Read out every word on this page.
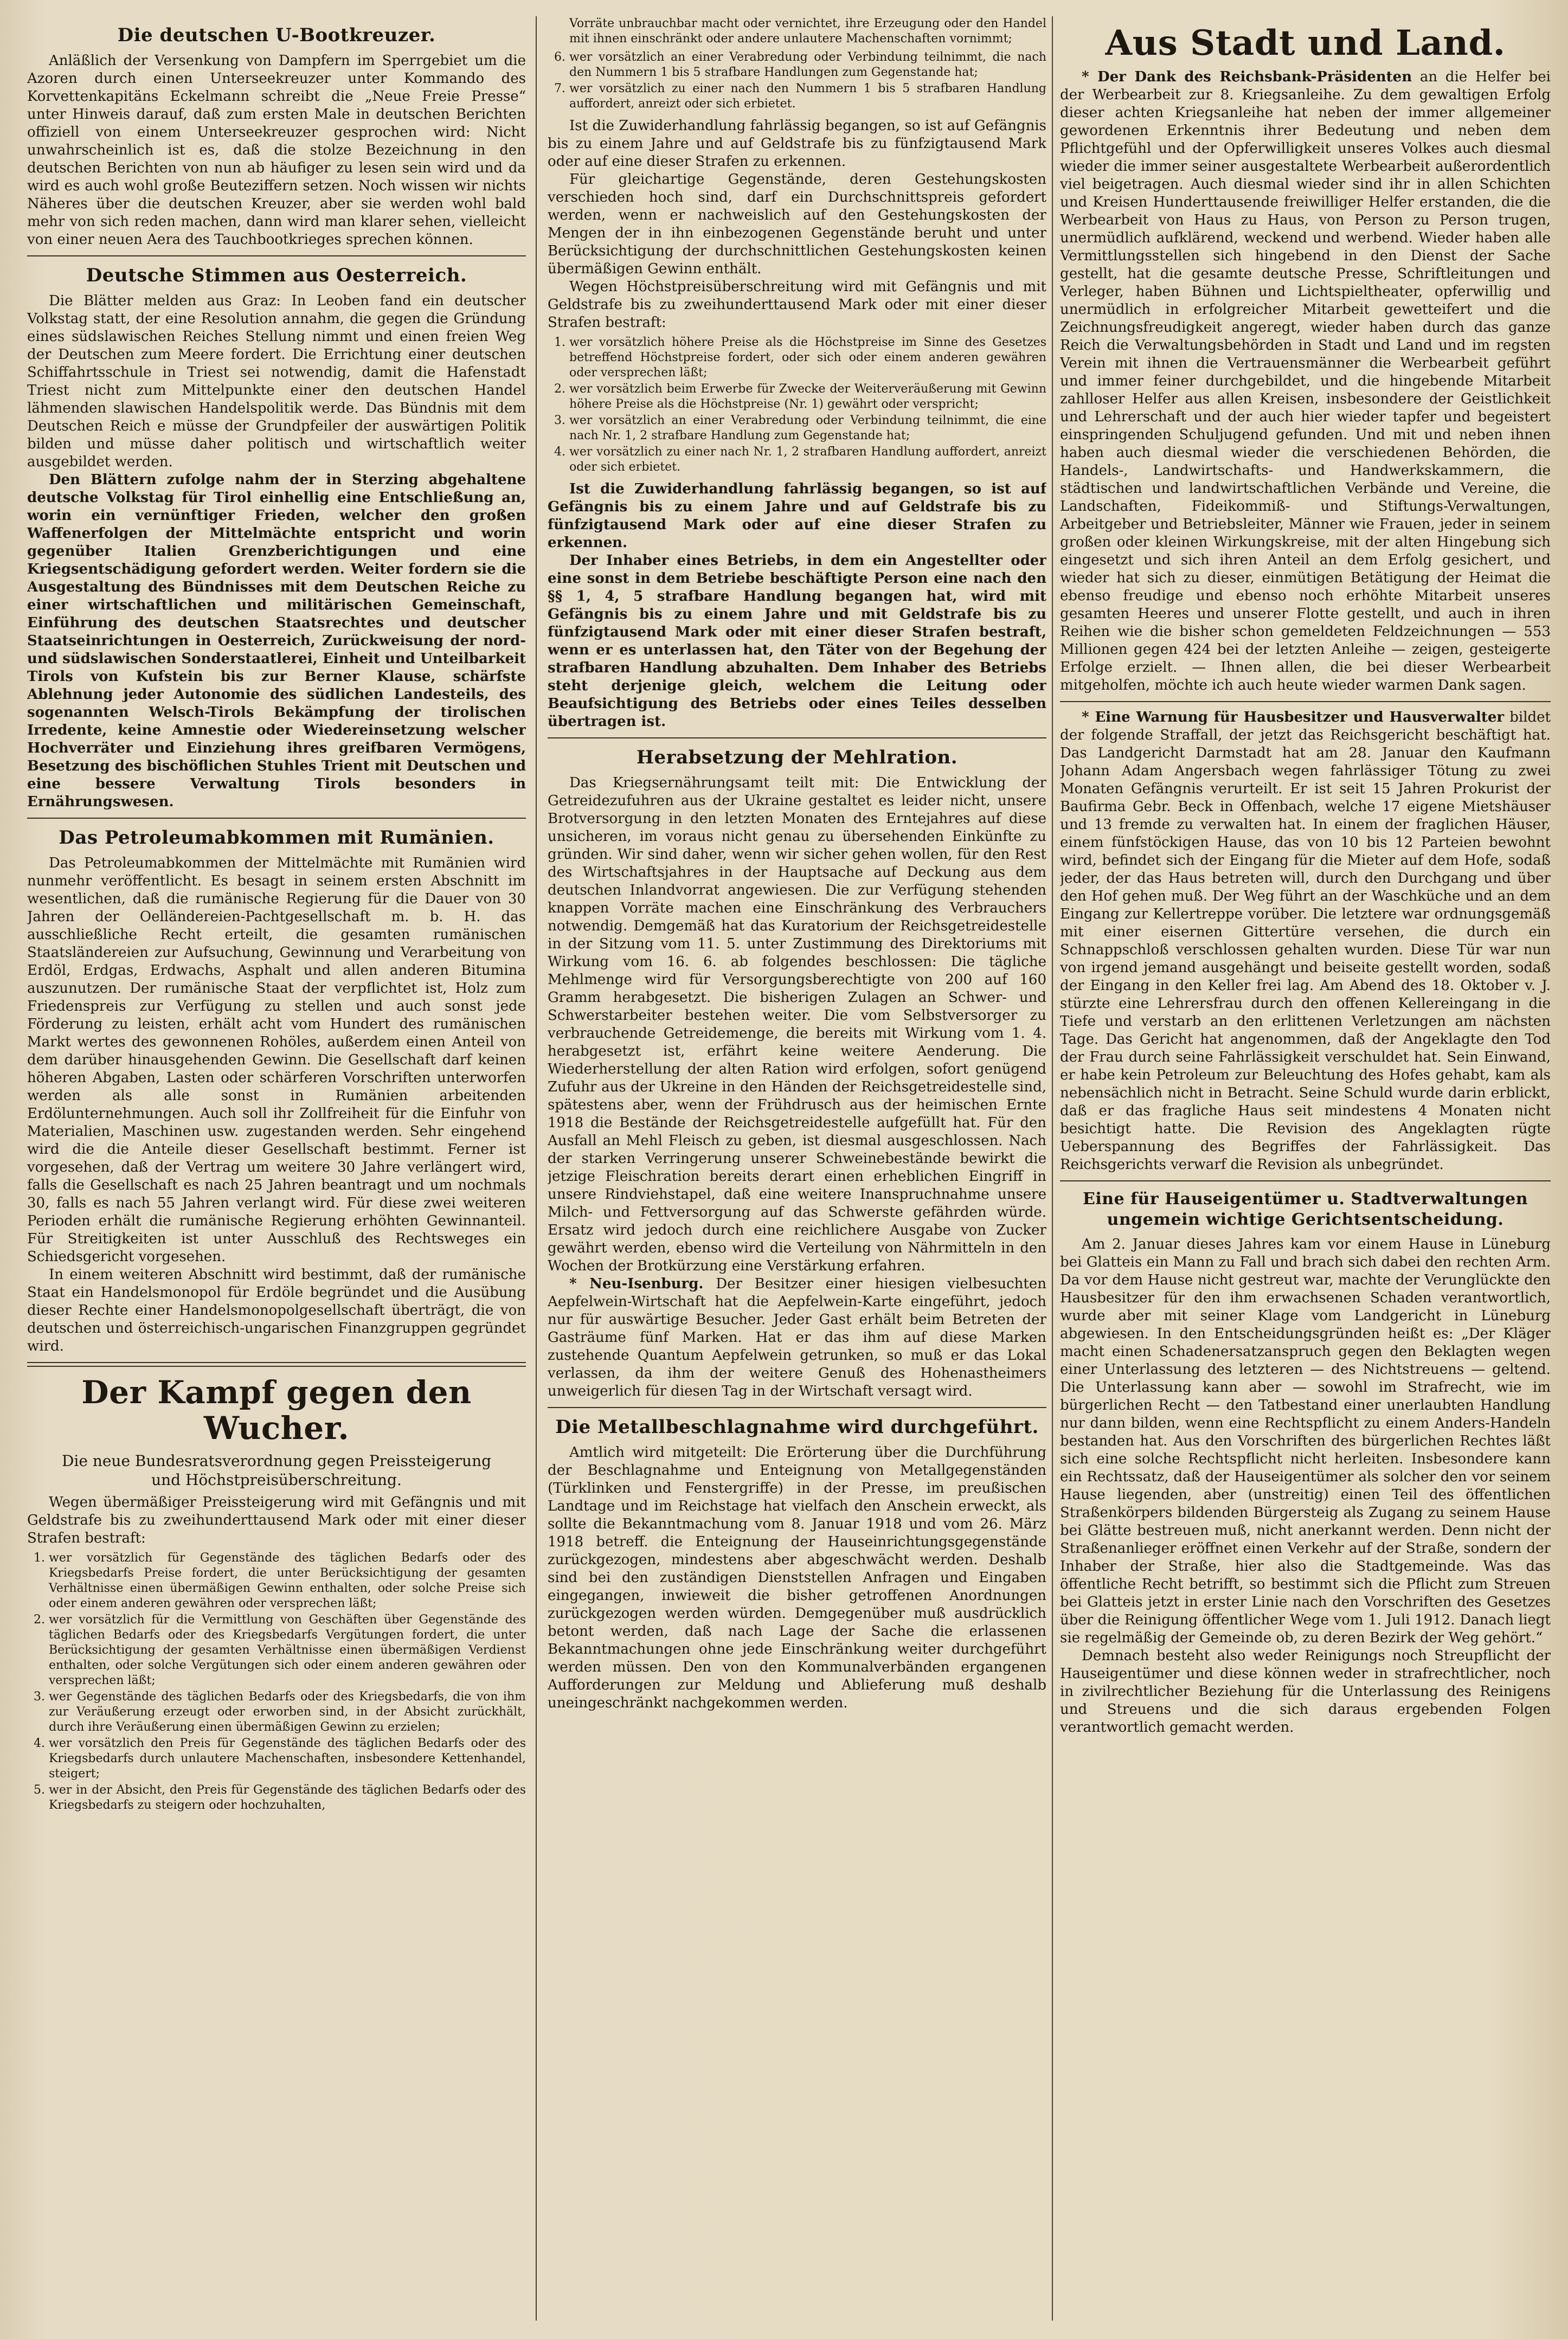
Die deutschen U-Bootkreuzer.

Anläßlich der Versenkung von Dampfern im Sperrgebiet um die Azoren durch einen Unterseekreuzer unter Kommando des Korvettenkapitäns Eckelmann schreibt die „Neue Freie Presse“ unter Hinweis darauf, daß zum ersten Male in deutschen Berichten offiziell von einem Unterseekreuzer gesprochen wird: Nicht unwahrscheinlich ist es, daß die stolze Bezeichnung in den deutschen Berichten von nun ab häufiger zu lesen sein wird und da wird es auch wohl große Beuteziffern setzen. Noch wissen wir nichts Näheres über die deutschen Kreuzer, aber sie werden wohl bald mehr von sich reden machen, dann wird man klarer sehen, vielleicht von einer neuen Aera des Tauchbootkrieges sprechen können.

Deutsche Stimmen aus Oesterreich.

Die Blätter melden aus Graz: In Leoben fand ein deutscher Volkstag statt, der eine Resolution annahm, die gegen die Gründung eines südslawischen Reiches Stellung nimmt und einen freien Weg der Deutschen zum Meere fordert. Die Errichtung einer deutschen Schiffahrtsschule in Triest sei notwendig, damit die Hafenstadt Triest nicht zum Mittelpunkte einer den deutschen Handel lähmenden slawischen Handelspolitik werde. Das Bündnis mit dem Deutschen Reich e müsse der Grundpfeiler der auswärtigen Politik bilden und müsse daher politisch und wirtschaftlich weiter ausgebildet werden.

Den Blättern zufolge nahm der in Sterzing abgehaltene deutsche Volkstag für Tirol einhellig eine Entschließung an, worin ein vernünftiger Frieden, welcher den großen Waffenerfolgen der Mittelmächte entspricht und worin gegenüber Italien Grenzberichtigungen und eine Kriegsentschädigung gefordert werden. Weiter fordern sie die Ausgestaltung des Bündnisses mit dem Deutschen Reiche zu einer wirtschaftlichen und militärischen Gemeinschaft, Einführung des deutschen Staatsrechtes und deutscher Staatseinrichtungen in Oesterreich, Zurückweisung der nord- und südslawischen Sonderstaatlerei, Einheit und Unteilbarkeit Tirols von Kufstein bis zur Berner Klause, schärfste Ablehnung jeder Autonomie des südlichen Landesteils, des sogenannten Welsch-Tirols Bekämpfung der tirolischen Irredente, keine Amnestie oder Wiedereinsetzung welscher Hochverräter und Einziehung ihres greifbaren Vermögens, Besetzung des bischöflichen Stuhles Trient mit Deutschen und eine bessere Verwaltung Tirols besonders in Ernährungswesen.

Das Petroleumabkommen mit Rumänien.

Das Petroleumabkommen der Mittelmächte mit Rumänien wird nunmehr veröffentlicht. Es besagt in seinem ersten Abschnitt im wesentlichen, daß die rumänische Regierung für die Dauer von 30 Jahren der Oelländereien-Pachtgesellschaft m. b. H. das ausschließliche Recht erteilt, die gesamten rumänischen Staatsländereien zur Aufsuchung, Gewinnung und Verarbeitung von Erdöl, Erdgas, Erdwachs, Asphalt und allen anderen Bitumina auszunutzen. Der rumänische Staat der verpflichtet ist, Holz zum Friedenspreis zur Verfügung zu stellen und auch sonst jede Förderung zu leisten, erhält acht vom Hundert des rumänischen Markt wertes des gewonnenen Rohöles, außerdem einen Anteil von dem darüber hinausgehenden Gewinn. Die Gesellschaft darf keinen höheren Abgaben, Lasten oder schärferen Vorschriften unterworfen werden als alle sonst in Rumänien arbeitenden Erdölunternehmungen. Auch soll ihr Zollfreiheit für die Einfuhr von Materialien, Maschinen usw. zugestanden werden. Sehr eingehend wird die die Anteile dieser Gesellschaft bestimmt. Ferner ist vorgesehen, daß der Vertrag um weitere 30 Jahre verlängert wird, falls die Gesellschaft es nach 25 Jahren beantragt und um nochmals 30, falls es nach 55 Jahren verlangt wird. Für diese zwei weiteren Perioden erhält die rumänische Regierung erhöhten Gewinnanteil. Für Streitigkeiten ist unter Ausschluß des Rechtsweges ein Schiedsgericht vorgesehen.

In einem weiteren Abschnitt wird bestimmt, daß der rumänische Staat ein Handelsmonopol für Erdöle begründet und die Ausübung dieser Rechte einer Handelsmonopolgesellschaft überträgt, die von deutschen und österreichisch-ungarischen Finanzgruppen gegründet wird.

Der Kampf gegen den Wucher.
Die neue Bundesratsverordnung gegen Preissteigerung und Höchstpreisüberschreitung.

Wegen übermäßiger Preissteigerung wird mit Gefängnis und mit Geldstrafe bis zu zweihunderttausend Mark oder mit einer dieser Strafen bestraft:

1. wer vorsätzlich für Gegenstände des täglichen Bedarfs oder des Kriegsbedarfs Preise fordert, die unter Berücksichtigung der gesamten Verhältnisse einen übermäßigen Gewinn enthalten, oder solche Preise sich oder einem anderen gewähren oder versprechen läßt;
2. wer vorsätzlich für die Vermittlung von Geschäften über Gegenstände des täglichen Bedarfs oder des Kriegsbedarfs Vergütungen fordert, die unter Berücksichtigung der gesamten Verhältnisse einen übermäßigen Verdienst enthalten, oder solche Vergütungen sich oder einem anderen gewähren oder versprechen läßt;
3. wer Gegenstände des täglichen Bedarfs oder des Kriegsbedarfs, die von ihm zur Veräußerung erzeugt oder erworben sind, in der Absicht zurückhält, durch ihre Veräußerung einen übermäßigen Gewinn zu erzielen;
4. wer vorsätzlich den Preis für Gegenstände des täglichen Bedarfs oder des Kriegsbedarfs durch unlautere Machenschaften, insbesondere Kettenhandel, steigert;
5. wer in der Absicht, den Preis für Gegenstände des täglichen Bedarfs oder des Kriegsbedarfs zu steigern oder hochzuhalten,
Vorräte unbrauchbar macht oder vernichtet, ihre Erzeugung oder den Handel mit ihnen einschränkt oder andere unlautere Machenschaften vornimmt;
6. wer vorsätzlich an einer Verabredung oder Verbindung teilnimmt, die nach den Nummern 1 bis 5 strafbare Handlungen zum Gegenstande hat;
7. wer vorsätzlich zu einer nach den Nummern 1 bis 5 strafbaren Handlung auffordert, anreizt oder sich erbietet.

Ist die Zuwiderhandlung fahrlässig begangen, so ist auf Gefängnis bis zu einem Jahre und auf Geldstrafe bis zu fünfzigtausend Mark oder auf eine dieser Strafen zu erkennen.

Für gleichartige Gegenstände, deren Gestehungskosten verschieden hoch sind, darf ein Durchschnittspreis gefordert werden, wenn er nachweislich auf den Gestehungskosten der Mengen der in ihn einbezogenen Gegenstände beruht und unter Berücksichtigung der durchschnittlichen Gestehungskosten keinen übermäßigen Gewinn enthält.

Wegen Höchstpreisüberschreitung wird mit Gefängnis und mit Geldstrafe bis zu zweihunderttausend Mark oder mit einer dieser Strafen bestraft:

1. wer vorsätzlich höhere Preise als die Höchstpreise im Sinne des Gesetzes betreffend Höchstpreise fordert, oder sich oder einem anderen gewähren oder versprechen läßt;
2. wer vorsätzlich beim Erwerbe für Zwecke der Weiterveräußerung mit Gewinn höhere Preise als die Höchstpreise (Nr. 1) gewährt oder verspricht;
3. wer vorsätzlich an einer Verabredung oder Verbindung teilnimmt, die eine nach Nr. 1, 2 strafbare Handlung zum Gegenstande hat;
4. wer vorsätzlich zu einer nach Nr. 1, 2 strafbaren Handlung auffordert, anreizt oder sich erbietet.

Ist die Zuwiderhandlung fahrlässig begangen, so ist auf Gefängnis bis zu einem Jahre und auf Geldstrafe bis zu fünfzigtausend Mark oder auf eine dieser Strafen zu erkennen.

Der Inhaber eines Betriebs, in dem ein Angestellter oder eine sonst in dem Betriebe beschäftigte Person eine nach den §§ 1, 4, 5 strafbare Handlung begangen hat, wird mit Gefängnis bis zu einem Jahre und mit Geldstrafe bis zu fünfzigtausend Mark oder mit einer dieser Strafen bestraft, wenn er es unterlassen hat, den Täter von der Begehung der strafbaren Handlung abzuhalten. Dem Inhaber des Betriebs steht derjenige gleich, welchem die Leitung oder Beaufsichtigung des Betriebs oder eines Teiles desselben übertragen ist.

Herabsetzung der Mehlration.

Das Kriegsernährungsamt teilt mit: Die Entwicklung der Getreidezufuhren aus der Ukraine gestaltet es leider nicht, unsere Brotversorgung in den letzten Monaten des Erntejahres auf diese unsicheren, im voraus nicht genau zu übersehenden Einkünfte zu gründen. Wir sind daher, wenn wir sicher gehen wollen, für den Rest des Wirtschaftsjahres in der Hauptsache auf Deckung aus dem deutschen Inlandvorrat angewiesen. Die zur Verfügung stehenden knappen Vorräte machen eine Einschränkung des Verbrauchers notwendig. Demgemäß hat das Kuratorium der Reichsgetreidestelle in der Sitzung vom 11. 5. unter Zustimmung des Direktoriums mit Wirkung vom 16. 6. ab folgendes beschlossen: Die tägliche Mehlmenge wird für Versorgungsberechtigte von 200 auf 160 Gramm herabgesetzt. Die bisherigen Zulagen an Schwer- und Schwerstarbeiter bestehen weiter. Die vom Selbstversorger zu verbrauchende Getreidemenge, die bereits mit Wirkung vom 1. 4. herabgesetzt ist, erfährt keine weitere Aenderung. Die Wiederherstellung der alten Ration wird erfolgen, sofort genügend Zufuhr aus der Ukreine in den Händen der Reichsgetreidestelle sind, spätestens aber, wenn der Frühdrusch aus der heimischen Ernte 1918 die Bestände der Reichsgetreidestelle aufgefüllt hat. Für den Ausfall an Mehl Fleisch zu geben, ist diesmal ausgeschlossen. Nach der starken Verringerung unserer Schweinebestände bewirkt die jetzige Fleischration bereits derart einen erheblichen Eingriff in unsere Rindviehstapel, daß eine weitere Inanspruchnahme unsere Milch- und Fettversorgung auf das Schwerste gefährden würde. Ersatz wird jedoch durch eine reichlichere Ausgabe von Zucker gewährt werden, ebenso wird die Verteilung von Nährmitteln in den Wochen der Brotkürzung eine Verstärkung erfahren.

* Neu-Isenburg. Der Besitzer einer hiesigen vielbesuchten Aepfelwein-Wirtschaft hat die Aepfelwein-Karte eingeführt, jedoch nur für auswärtige Besucher. Jeder Gast erhält beim Betreten der Gasträume fünf Marken. Hat er das ihm auf diese Marken zustehende Quantum Aepfelwein getrunken, so muß er das Lokal verlassen, da ihm der weitere Genuß des Hohenastheimers unweigerlich für diesen Tag in der Wirtschaft versagt wird.

Die Metallbeschlagnahme wird durchgeführt.

Amtlich wird mitgeteilt: Die Erörterung über die Durchführung der Beschlagnahme und Enteignung von Metallgegenständen (Türklinken und Fenstergriffe) in der Presse, im preußischen Landtage und im Reichstage hat vielfach den Anschein erweckt, als sollte die Bekanntmachung vom 8. Januar 1918 und vom 26. März 1918 betreff. die Enteignung der Hauseinrichtungsgegenstände zurückgezogen, mindestens aber abgeschwächt werden. Deshalb sind bei den zuständigen Dienststellen Anfragen und Eingaben eingegangen, inwieweit die bisher getroffenen Anordnungen zurückgezogen werden würden. Demgegenüber muß ausdrücklich betont werden, daß nach Lage der Sache die erlassenen Bekanntmachungen ohne jede Einschränkung weiter durchgeführt werden müssen. Den von den Kommunalverbänden ergangenen Aufforderungen zur Meldung und Ablieferung muß deshalb uneingeschränkt nachgekommen werden.

Aus Stadt und Land.

* Der Dank des Reichsbank-Präsidenten an die Helfer bei der Werbearbeit zur 8. Kriegsanleihe. Zu dem gewaltigen Erfolg dieser achten Kriegsanleihe hat neben der immer allgemeiner gewordenen Erkenntnis ihrer Bedeutung und neben dem Pflichtgefühl und der Opferwilligkeit unseres Volkes auch diesmal wieder die immer seiner ausgestaltete Werbearbeit außerordentlich viel beigetragen. Auch diesmal wieder sind ihr in allen Schichten und Kreisen Hunderttausende freiwilliger Helfer erstanden, die die Werbearbeit von Haus zu Haus, von Person zu Person trugen, unermüdlich aufklärend, weckend und werbend. Wieder haben alle Vermittlungsstellen sich hingebend in den Dienst der Sache gestellt, hat die gesamte deutsche Presse, Schriftleitungen und Verleger, haben Bühnen und Lichtspieltheater, opferwillig und unermüdlich in erfolgreicher Mitarbeit gewetteifert und die Zeichnungsfreudigkeit angeregt, wieder haben durch das ganze Reich die Verwaltungsbehörden in Stadt und Land und im regsten Verein mit ihnen die Vertrauensmänner die Werbearbeit geführt und immer feiner durchgebildet, und die hingebende Mitarbeit zahlloser Helfer aus allen Kreisen, insbesondere der Geistlichkeit und Lehrerschaft und der auch hier wieder tapfer und begeistert einspringenden Schuljugend gefunden. Und mit und neben ihnen haben auch diesmal wieder die verschiedenen Behörden, die Handels-, Landwirtschafts- und Handwerkskammern, die städtischen und landwirtschaftlichen Verbände und Vereine, die Landschaften, Fideikommiß- und Stiftungs-Verwaltungen, Arbeitgeber und Betriebsleiter, Männer wie Frauen, jeder in seinem großen oder kleinen Wirkungskreise, mit der alten Hingebung sich eingesetzt und sich ihren Anteil an dem Erfolg gesichert, und wieder hat sich zu dieser, einmütigen Betätigung der Heimat die ebenso freudige und ebenso noch erhöhte Mitarbeit unseres gesamten Heeres und unserer Flotte gestellt, und auch in ihren Reihen wie die bisher schon gemeldeten Feldzeichnungen — 553 Millionen gegen 424 bei der letzten Anleihe — zeigen, gesteigerte Erfolge erzielt. — Ihnen allen, die bei dieser Werbearbeit mitgeholfen, möchte ich auch heute wieder warmen Dank sagen.

* Eine Warnung für Hausbesitzer und Hausverwalter bildet der folgende Straffall, der jetzt das Reichsgericht beschäftigt hat. Das Landgericht Darmstadt hat am 28. Januar den Kaufmann Johann Adam Angersbach wegen fahrlässiger Tötung zu zwei Monaten Gefängnis verurteilt. Er ist seit 15 Jahren Prokurist der Baufirma Gebr. Beck in Offenbach, welche 17 eigene Mietshäuser und 13 fremde zu verwalten hat. In einem der fraglichen Häuser, einem fünfstöckigen Hause, das von 10 bis 12 Parteien bewohnt wird, befindet sich der Eingang für die Mieter auf dem Hofe, sodaß jeder, der das Haus betreten will, durch den Durchgang und über den Hof gehen muß. Der Weg führt an der Waschküche und an dem Eingang zur Kellertreppe vorüber. Die letztere war ordnungsgemäß mit einer eisernen Gittertüre versehen, die durch ein Schnappschloß verschlossen gehalten wurden. Diese Tür war nun von irgend jemand ausgehängt und beiseite gestellt worden, sodaß der Eingang in den Keller frei lag. Am Abend des 18. Oktober v. J. stürzte eine Lehrersfrau durch den offenen Kellereingang in die Tiefe und verstarb an den erlittenen Verletzungen am nächsten Tage. Das Gericht hat angenommen, daß der Angeklagte den Tod der Frau durch seine Fahrlässigkeit verschuldet hat. Sein Einwand, er habe kein Petroleum zur Beleuchtung des Hofes gehabt, kam als nebensächlich nicht in Betracht. Seine Schuld wurde darin erblickt, daß er das fragliche Haus seit mindestens 4 Monaten nicht besichtigt hatte. Die Revision des Angeklagten rügte Ueberspannung des Begriffes der Fahrlässigkeit. Das Reichsgerichts verwarf die Revision als unbegründet.

Eine für Hauseigentümer u. Stadtverwaltungen ungemein wichtige Gerichtsentscheidung.

Am 2. Januar dieses Jahres kam vor einem Hause in Lüneburg bei Glatteis ein Mann zu Fall und brach sich dabei den rechten Arm. Da vor dem Hause nicht gestreut war, machte der Verunglückte den Hausbesitzer für den ihm erwachsenen Schaden verantwortlich, wurde aber mit seiner Klage vom Landgericht in Lüneburg abgewiesen. In den Entscheidungsgründen heißt es: „Der Kläger macht einen Schadenersatzanspruch gegen den Beklagten wegen einer Unterlassung des letzteren — des Nichtstreuens — geltend. Die Unterlassung kann aber — sowohl im Strafrecht, wie im bürgerlichen Recht — den Tatbestand einer unerlaubten Handlung nur dann bilden, wenn eine Rechtspflicht zu einem Anders-Handeln bestanden hat. Aus den Vorschriften des bürgerlichen Rechtes läßt sich eine solche Rechtspflicht nicht herleiten. Insbesondere kann ein Rechtssatz, daß der Hauseigentümer als solcher den vor seinem Hause liegenden, aber (unstreitig) einen Teil des öffentlichen Straßenkörpers bildenden Bürgersteig als Zugang zu seinem Hause bei Glätte bestreuen muß, nicht anerkannt werden. Denn nicht der Straßenanlieger eröffnet einen Verkehr auf der Straße, sondern der Inhaber der Straße, hier also die Stadtgemeinde. Was das öffentliche Recht betrifft, so bestimmt sich die Pflicht zum Streuen bei Glatteis jetzt in erster Linie nach den Vorschriften des Gesetzes über die Reinigung öffentlicher Wege vom 1. Juli 1912. Danach liegt sie regelmäßig der Gemeinde ob, zu deren Bezirk der Weg gehört.“

Demnach besteht also weder Reinigungs noch Streupflicht der Hauseigentümer und diese können weder in strafrechtlicher, noch in zivilrechtlicher Beziehung für die Unterlassung des Reinigens und Streuens und die sich daraus ergebenden Folgen verantwortlich gemacht werden.
